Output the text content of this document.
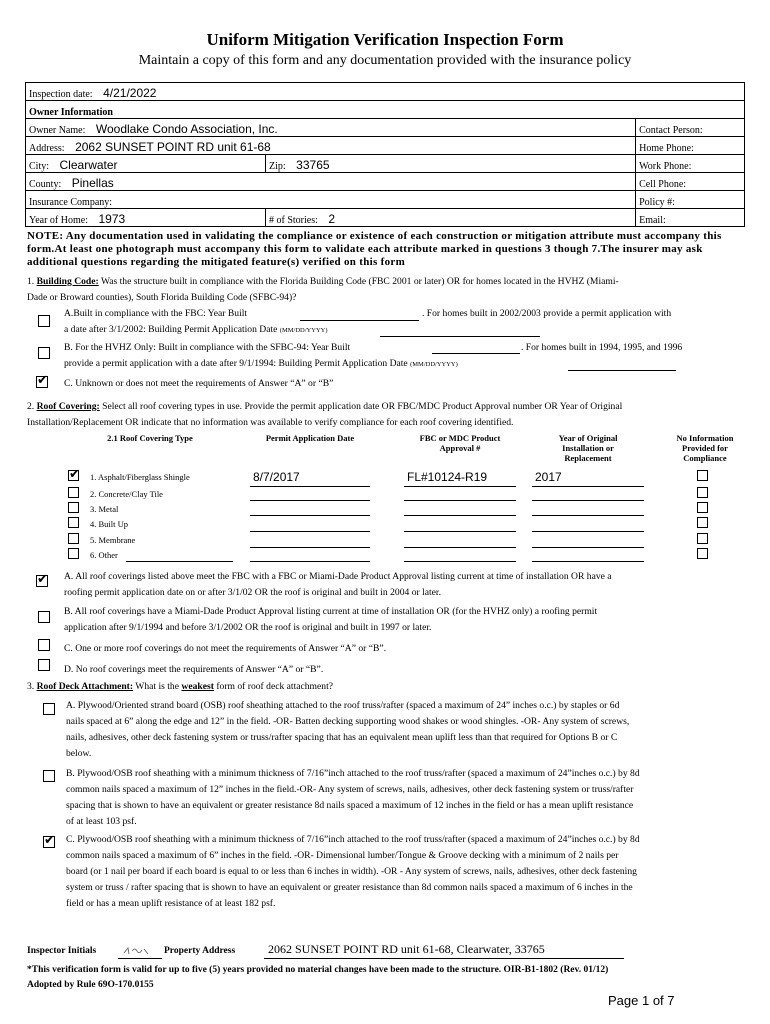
Uniform Mitigation Verification Inspection Form
Maintain a copy of this form and any documentation provided with the insurance policy
Inspection date: 4/21/2022		
Owner Information		
Owner Name: Woodlake Condo Association, Inc.		Contact Person:
Address: 2062 SUNSET POINT RD unit 61-68		Home Phone:
City: Clearwater	Zip: 33765	Work Phone:
County: Pinellas		Cell Phone:
Insurance Company:		Policy #:
Year of Home: 1973	# of Stories: 2	Email:
NOTE: Any documentation used in validating the compliance or existence of each construction or mitigation attribute must accompany this form.At least one photograph must accompany this form to validate each attribute marked in questions 3 though 7.The insurer may ask additional questions regarding the mitigated feature(s) verified on this form
1. Building Code: Was the structure built in compliance with the Florida Building Code (FBC 2001 or later) OR for homes located in the HVHZ (Miami-
Dade or Broward counties), South Florida Building Code (SFBC-94)?
A.Built in compliance with the FBC: Year Built	. For homes built in 2002/2003 provide a permit application with
a date after 3/1/2002: Building Permit Application Date (MM/DD/YYYY)
B. For the HVHZ Only: Built in compliance with the SFBC-94: Year Built	. For homes built in 1994, 1995, and 1996
provide a permit application with a date after 9/1/1994: Building Permit Application Date (MM/DD/YYYY)
✔ C. Unknown or does not meet the requirements of Answer “A” or “B”
2. Roof Covering: Select all roof covering types in use. Provide the permit application date OR FBC/MDC Product Approval number OR Year of Original
Installation/Replacement OR indicate that no information was available to verify compliance for each roof covering identified.
2.1 Roof Covering Type	Permit Application Date	FBC or MDC Product
Approval #
Year of Original
Installation or
Replacement
No Information
Provided for
Compliance
✔ 1. Asphalt/Fiberglass Shingle	8/7/2017	FL#10124-R19	2017
2. Concrete/Clay Tile
3. Metal
4. Built Up
5. Membrane
6. Other
✔ A. All roof coverings listed above meet the FBC with a FBC or Miami-Dade Product Approval listing current at time of installation OR have a
roofing permit application date on or after 3/1/02 OR the roof is original and built in 2004 or later.
B. All roof coverings have a Miami-Dade Product Approval listing current at time of installation OR (for the HVHZ only) a roofing permit
application after 9/1/1994 and before 3/1/2002 OR the roof is original and built in 1997 or later.
C. One or more roof coverings do not meet the requirements of Answer “A” or “B”.
D. No roof coverings meet the requirements of Answer “A” or “B”.
3. Roof Deck Attachment: What is the weakest form of roof deck attachment?
A. Plywood/Oriented strand board (OSB) roof sheathing attached to the roof truss/rafter (spaced a maximum of 24” inches o.c.) by staples or 6d
nails spaced at 6” along the edge and 12” in the field. -OR- Batten decking supporting wood shakes or wood shingles. -OR- Any system of screws,
nails, adhesives, other deck fastening system or truss/rafter spacing that has an equivalent mean uplift less than that required for Options B or C
below.
B. Plywood/OSB roof sheathing with a minimum thickness of 7/16”inch attached to the roof truss/rafter (spaced a maximum of 24”inches o.c.) by 8d
common nails spaced a maximum of 12” inches in the field.-OR- Any system of screws, nails, adhesives, other deck fastening system or truss/rafter
spacing that is shown to have an equivalent or greater resistance 8d nails spaced a maximum of 12 inches in the field or has a mean uplift resistance
of at least 103 psf.
✔ C. Plywood/OSB roof sheathing with a minimum thickness of 7/16”inch attached to the roof truss/rafter (spaced a maximum of 24”inches o.c.) by 8d
common nails spaced a maximum of 6” inches in the field. -OR- Dimensional lumber/Tongue & Groove decking with a minimum of 2 nails per
board (or 1 nail per board if each board is equal to or less than 6 inches in width). -OR - Any system of screws, nails, adhesives, other deck fastening
system or truss / rafter spacing that is shown to have an equivalent or greater resistance than 8d common nails spaced a maximum of 6 inches in the
field or has a mean uplift resistance of at least 182 psf.
Inspector Initials	Property Address	2062 SUNSET POINT RD unit 61-68, Clearwater, 33765
*This verification form is valid for up to five (5) years provided no material changes have been made to the structure. OIR-B1-1802 (Rev. 01/12)
Adopted by Rule 69O-170.0155
Page 1 of 7
